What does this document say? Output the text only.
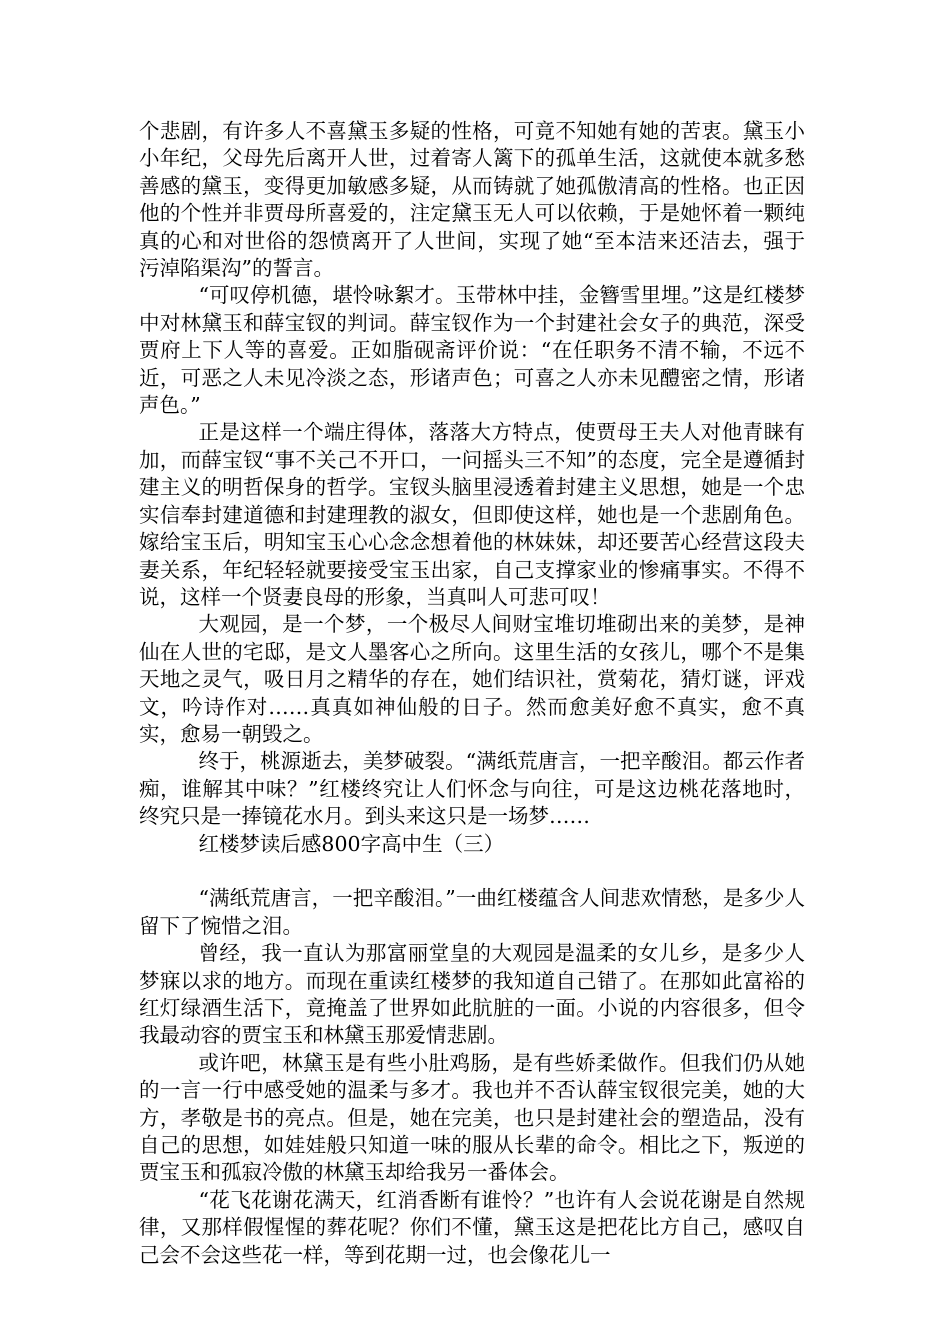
个悲剧，有许多人不喜黛玉多疑的性格，可竟不知她有她的苦衷。黛玉小小年纪，父母先后离开人世，过着寄人篱下的孤单生活，这就使本就多愁善感的黛玉，变得更加敏感多疑，从而铸就了她孤傲清高的性格。也正因他的个性并非贾母所喜爱的，注定黛玉无人可以依赖，于是她怀着一颗纯真的心和对世俗的怨愤离开了人世间，实现了她“至本洁来还洁去，强于污淖陷渠沟”的誓言。

“可叹停机德，堪怜咏絮才。玉带林中挂，金簪雪里埋。”这是红楼梦中对林黛玉和薛宝钗的判词。薛宝钗作为一个封建社会女子的典范，深受贾府上下人等的喜爱。正如脂砚斋评价说：“在任职务不清不输，不远不近，可恶之人未见冷淡之态，形诸声色；可喜之人亦未见醴密之情，形诸声色。”

正是这样一个端庄得体，落落大方特点，使贾母王夫人对他青睐有加，而薛宝钗“事不关己不开口，一问摇头三不知”的态度，完全是遵循封建主义的明哲保身的哲学。宝钗头脑里浸透着封建主义思想，她是一个忠实信奉封建道德和封建理教的淑女，但即使这样，她也是一个悲剧角色。嫁给宝玉后，明知宝玉心心念念想着他的林妹妹，却还要苦心经营这段夫妻关系，年纪轻轻就要接受宝玉出家，自己支撑家业的惨痛事实。不得不说，这样一个贤妻良母的形象，当真叫人可悲可叹！

大观园，是一个梦，一个极尽人间财宝堆切堆砌出来的美梦，是神仙在人世的宅邸，是文人墨客心之所向。这里生活的女孩儿，哪个不是集天地之灵气，吸日月之精华的存在，她们结识社，赏菊花，猜灯谜，评戏文，吟诗作对……真真如神仙般的日子。然而愈美好愈不真实，愈不真实，愈易一朝毁之。

终于，桃源逝去，美梦破裂。“满纸荒唐言，一把辛酸泪。都云作者痴，谁解其中味？”红楼终究让人们怀念与向往，可是这边桃花落地时，终究只是一捧镜花水月。到头来这只是一场梦……

红楼梦读后感800字高中生（三）

“满纸荒唐言，一把辛酸泪。”一曲红楼蕴含人间悲欢情愁，是多少人留下了惋惜之泪。

曾经，我一直认为那富丽堂皇的大观园是温柔的女儿乡，是多少人梦寐以求的地方。而现在重读红楼梦的我知道自己错了。在那如此富裕的红灯绿酒生活下，竟掩盖了世界如此肮脏的一面。小说的内容很多，但令我最动容的贾宝玉和林黛玉那爱情悲剧。

或许吧，林黛玉是有些小肚鸡肠，是有些娇柔做作。但我们仍从她的一言一行中感受她的温柔与多才。我也并不否认薛宝钗很完美，她的大方，孝敬是书的亮点。但是，她在完美，也只是封建社会的塑造品，没有自己的思想，如娃娃般只知道一味的服从长辈的命令。相比之下，叛逆的贾宝玉和孤寂冷傲的林黛玉却给我另一番体会。

“花飞花谢花满天，红消香断有谁怜？”也许有人会说花谢是自然规律，又那样假惺惺的葬花呢？你们不懂，黛玉这是把花比方自己，感叹自己会不会这些花一样，等到花期一过，也会像花儿一
